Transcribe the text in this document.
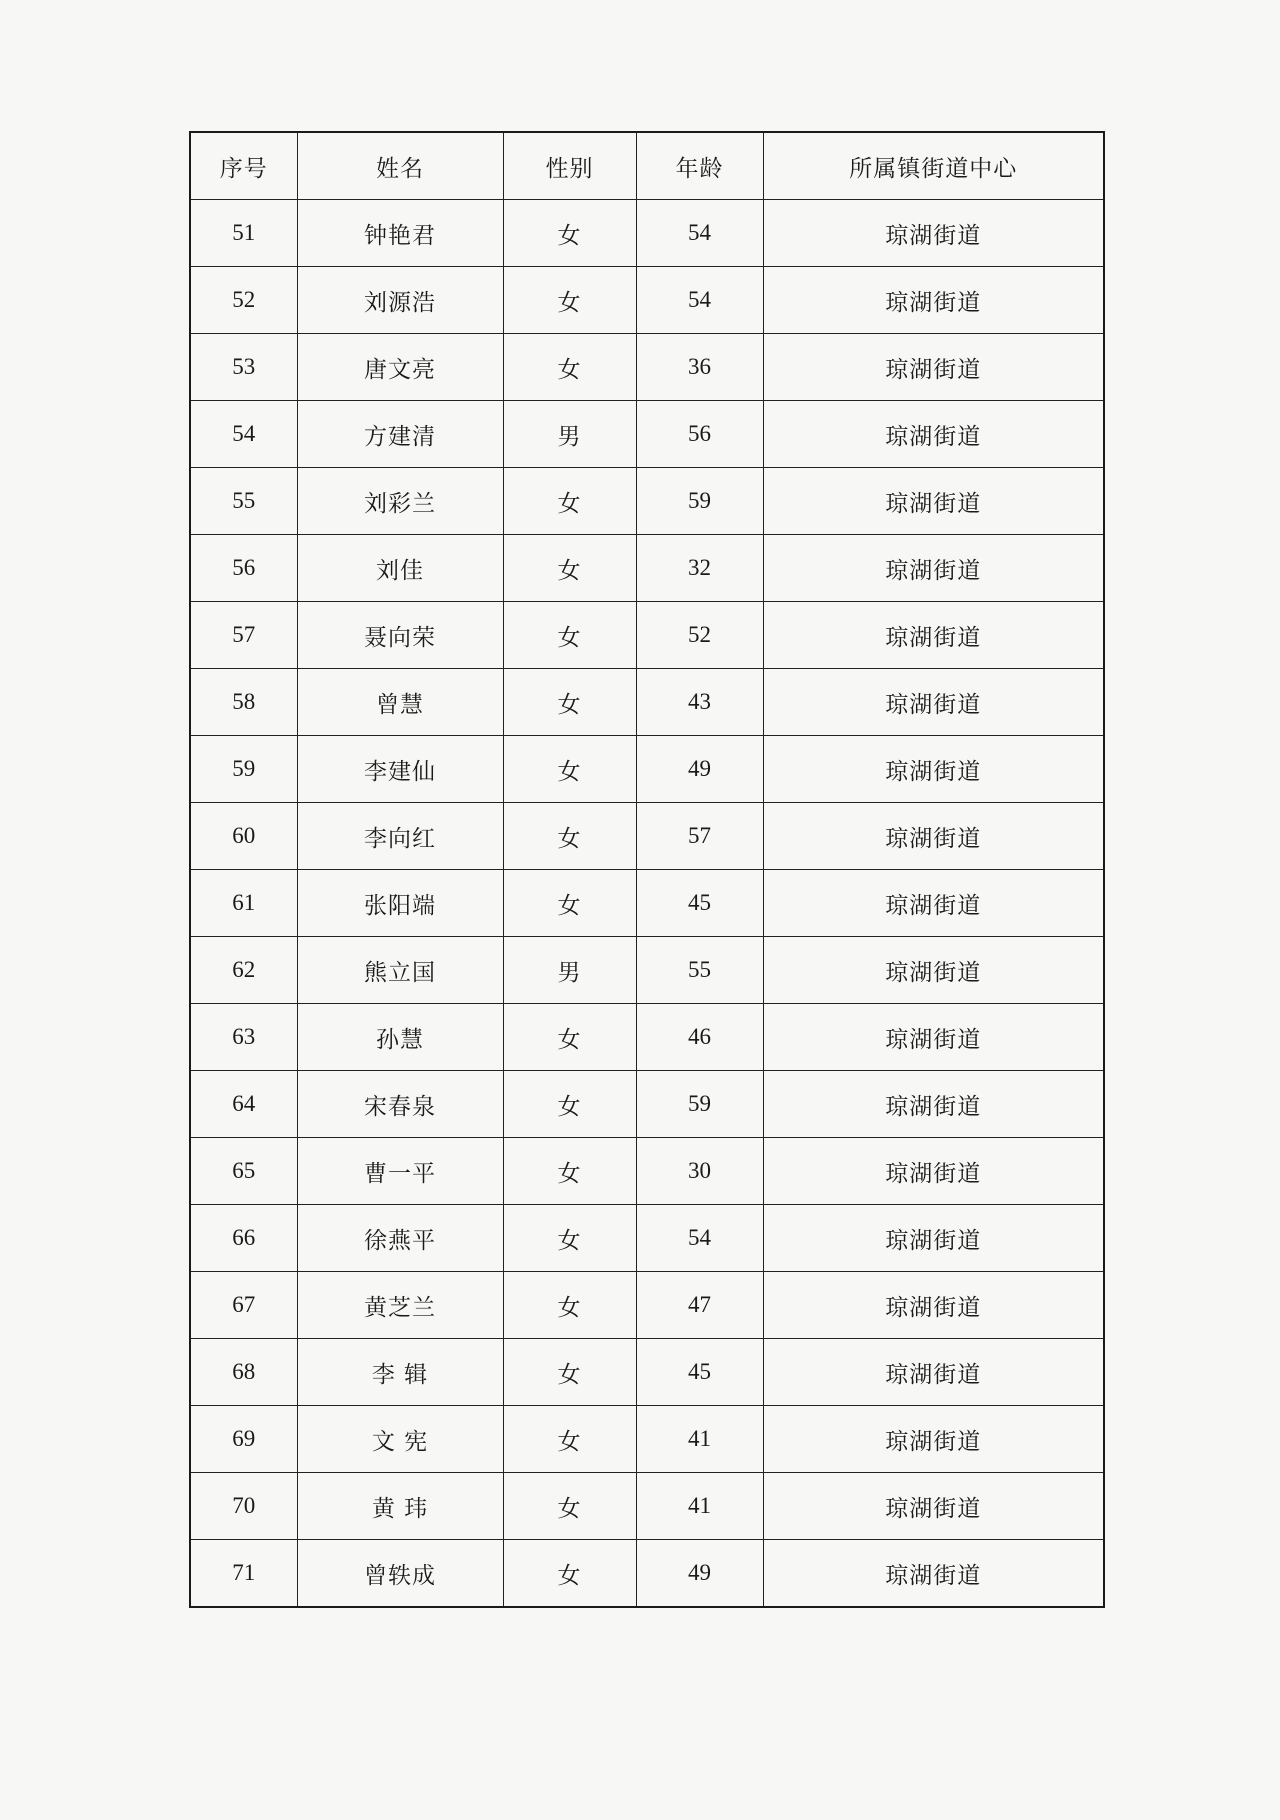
序号	姓名	性别	年龄	所属镇街道中心
51	钟艳君	女	54	琼湖街道
52	刘源浩	女	54	琼湖街道
53	唐文亮	女	36	琼湖街道
54	方建清	男	56	琼湖街道
55	刘彩兰	女	59	琼湖街道
56	刘佳	女	32	琼湖街道
57	聂向荣	女	52	琼湖街道
58	曾慧	女	43	琼湖街道
59	李建仙	女	49	琼湖街道
60	李向红	女	57	琼湖街道
61	张阳端	女	45	琼湖街道
62	熊立国	男	55	琼湖街道
63	孙慧	女	46	琼湖街道
64	宋春泉	女	59	琼湖街道
65	曹一平	女	30	琼湖街道
66	徐燕平	女	54	琼湖街道
67	黄芝兰	女	47	琼湖街道
68	李 辑	女	45	琼湖街道
69	文 宪	女	41	琼湖街道
70	黄 玮	女	41	琼湖街道
71	曾轶成	女	49	琼湖街道
